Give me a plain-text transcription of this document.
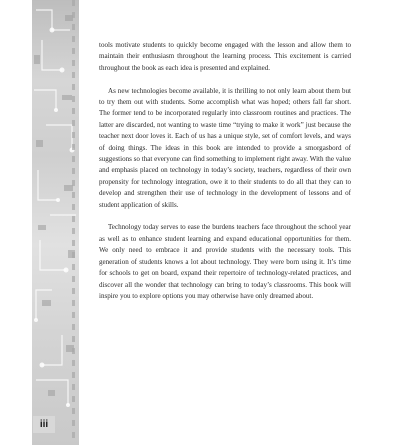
iii

tools motivate students to quickly become engaged with the lesson and allow them to maintain their enthusiasm throughout the learning process. This excitement is carried throughout the book as each idea is presented and explained.

As new technologies become available, it is thrilling to not only learn about them but to try them out with students. Some accomplish what was hoped; others fall far short. The former tend to be incorporated regularly into classroom routines and practices. The latter are discarded, not wanting to waste time “trying to make it work” just because the teacher next door loves it. Each of us has a unique style, set of comfort levels, and ways of doing things. The ideas in this book are intended to provide a smorgasbord of suggestions so that everyone can find something to implement right away. With the value and emphasis placed on technology in today’s society, teachers, regardless of their own propensity for technology integration, owe it to their students to do all that they can to develop and strengthen their use of technology in the development of lessons and of student application of skills.

Technology today serves to ease the burdens teachers face throughout the school year as well as to enhance student learning and expand educational opportunities for them. We only need to embrace it and provide students with the necessary tools. This generation of students knows a lot about technology. They were born using it. It’s time for schools to get on board, expand their repertoire of technology-related practices, and discover all the wonder that technology can bring to today’s classrooms. This book will inspire you to explore options you may otherwise have only dreamed about.
